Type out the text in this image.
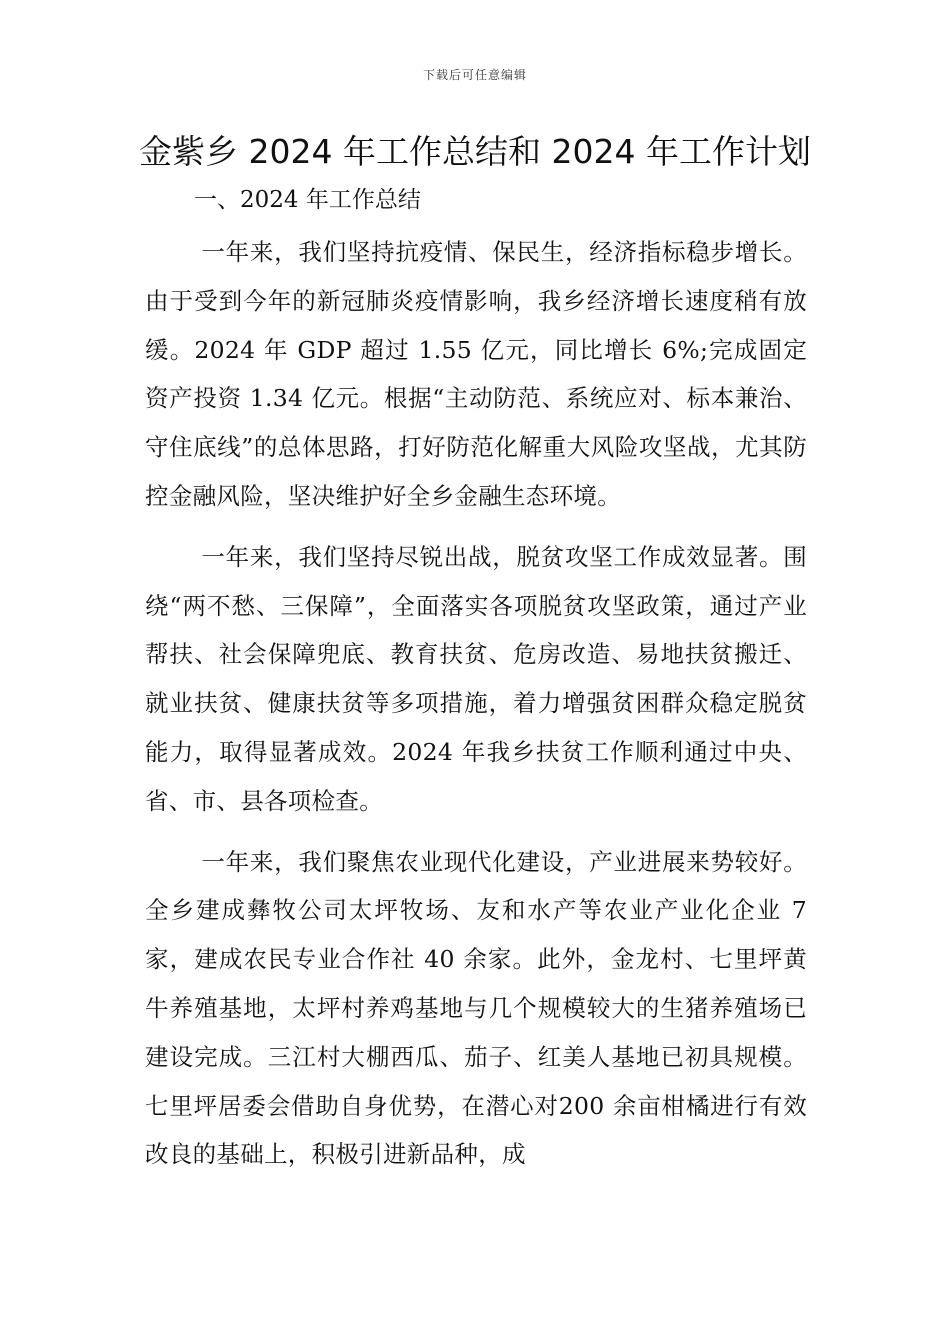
下载后可任意编辑
金紫乡 2024 年工作总结和 2024 年工作计划
一、2024 年工作总结

一年来，我们坚持抗疫情、保民生，经济指标稳步增长。由于受到今年的新冠肺炎疫情影响，我乡经济增长速度稍有放缓。2024 年 GDP 超过 1.55 亿元，同比增长 6%;完成固定资产投资 1.34 亿元。根据“主动防范、系统应对、标本兼治、守住底线”的总体思路，打好防范化解重大风险攻坚战，尤其防控金融风险，坚决维护好全乡金融生态环境。

一年来，我们坚持尽锐出战，脱贫攻坚工作成效显著。围绕“两不愁、三保障”，全面落实各项脱贫攻坚政策，通过产业帮扶、社会保障兜底、教育扶贫、危房改造、易地扶贫搬迁、就业扶贫、健康扶贫等多项措施，着力增强贫困群众稳定脱贫能力，取得显著成效。2024 年我乡扶贫工作顺利通过中央、省、市、县各项检查。

一年来，我们聚焦农业现代化建设，产业进展来势较好。全乡建成彝牧公司太坪牧场、友和水产等农业产业化企业 7 家，建成农民专业合作社 40 余家。此外，金龙村、七里坪黄牛养殖基地，太坪村养鸡基地与几个规模较大的生猪养殖场已建设完成。三江村大棚西瓜、茄子、红美人基地已初具规模。七里坪居委会借助自身优势，在潜心对200 余亩柑橘进行有效改良的基础上，积极引进新品种，成
